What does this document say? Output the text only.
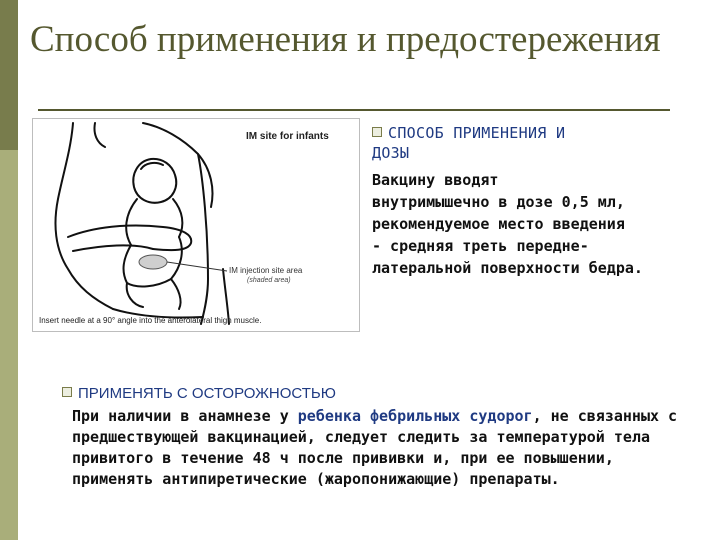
Способ применения и предостережения
IM site for infants
IM injection site area
(shaded area)
Insert needle at a 90° angle into the anterolateral thigh muscle.
СПОСОБ ПРИМЕНЕНИЯ И
ДОЗЫ
Вакцину вводят
внутримышечно в дозе 0,5 мл,
рекомендуемое место введения
- средняя треть передне-
латеральной поверхности бедра.
ПРИМЕНЯТЬ С ОСТОРОЖНОСТЬЮ
При наличии в анамнезе у ребенка фебрильных судорог, не связанных с предшествующей вакцинацией, следует следить за температурой тела привитого в течение 48 ч после прививки и, при ее повышении, применять антипиретические (жаропонижающие) препараты.
